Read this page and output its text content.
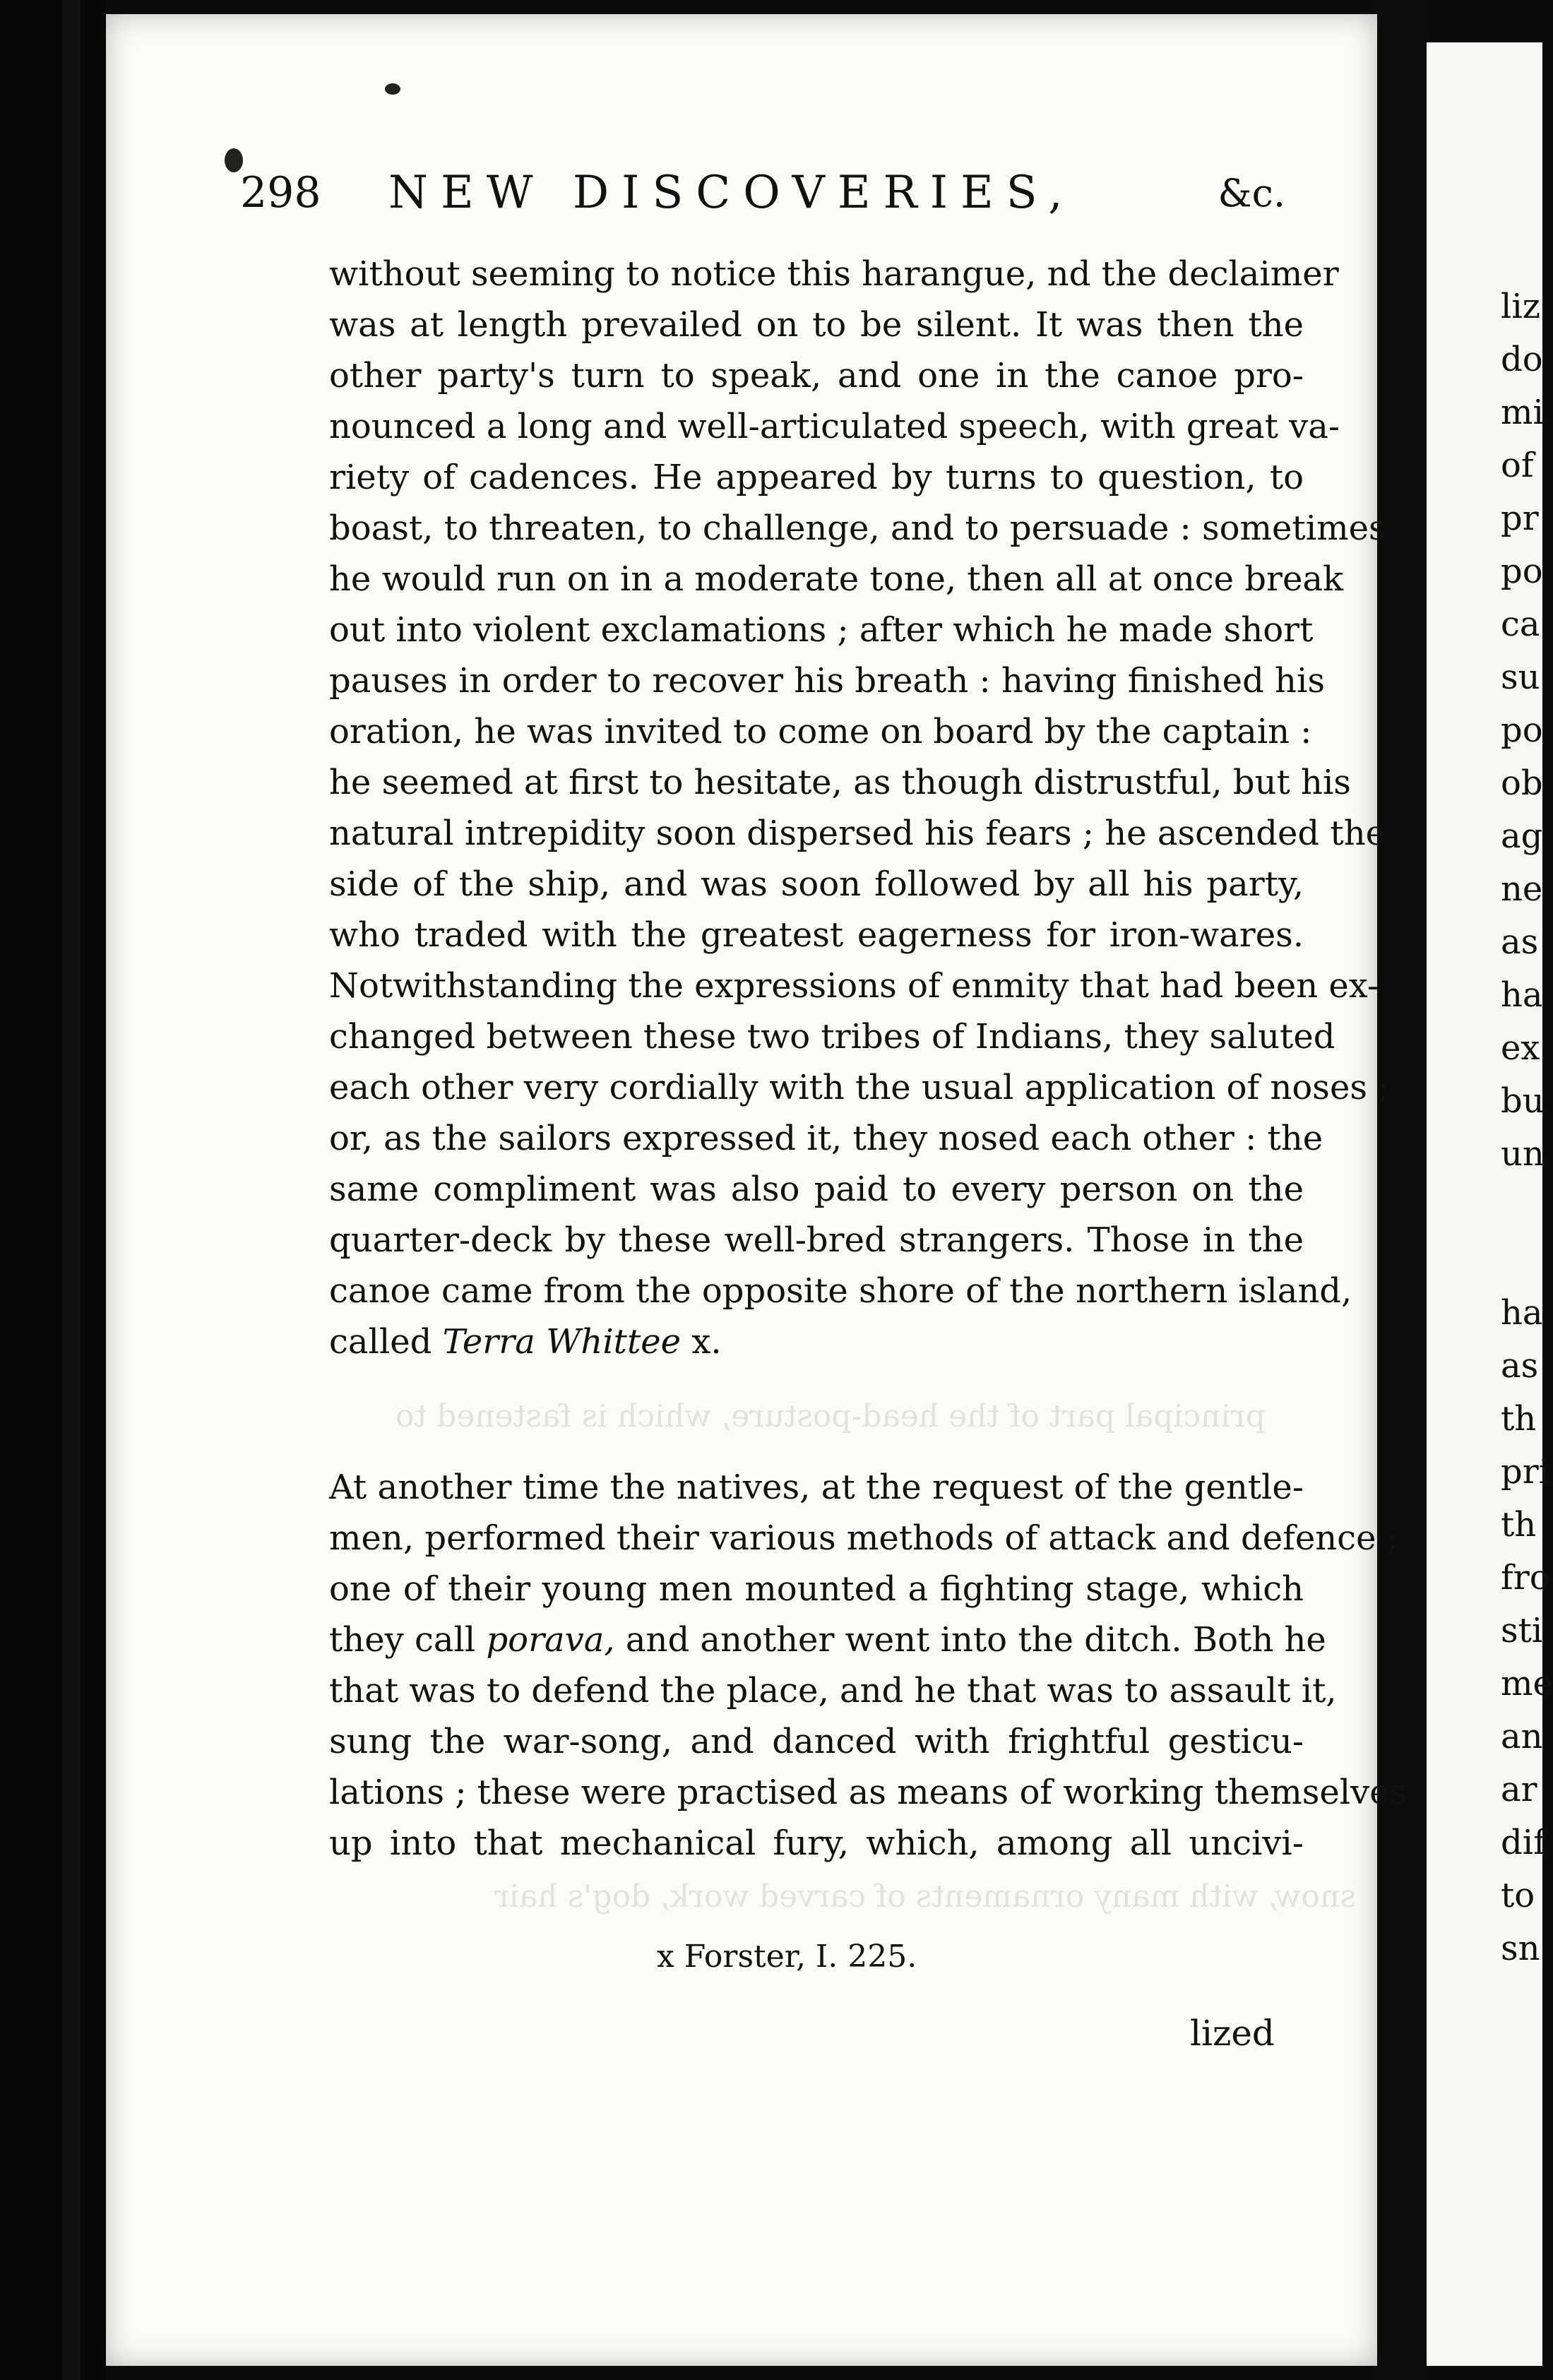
liz
do
mi
of
pr
po
ca
su
po
ob
ag
ne
as
ha
ex
bu
un
ha
as
th
pri
th
fro
sti
me
an
ar
dif
to
sn
principal part of the head-posture, which is fastened to
snow, with many ornaments of carved work, dog's hair
298 NEW DISCOVERIES,	&c.
without seeming to notice this harangue, nd the declaimer
was at length prevailed on to be silent. It was then the
other party's turn to speak, and one in the canoe pro-
nounced a long and well-articulated speech, with great va-
riety of cadences. He appeared by turns to question, to
boast, to threaten, to challenge, and to persuade : sometimes
he would run on in a moderate tone, then all at once break
out into violent exclamations ; after which he made short
pauses in order to recover his breath : having finished his
oration, he was invited to come on board by the captain :
he seemed at first to hesitate, as though distrustful, but his
natural intrepidity soon dispersed his fears ; he ascended the
side of the ship, and was soon followed by all his party,
who traded with the greatest eagerness for iron-wares.
Notwithstanding the expressions of enmity that had been ex-
changed between these two tribes of Indians, they saluted
each other very cordially with the usual application of noses ;
or, as the sailors expressed it, they nosed each other : the
same compliment was also paid to every person on the
quarter-deck by these well-bred strangers. Those in the
canoe came from the opposite shore of the northern island,
called Terra Whittee x.
At another time the natives, at the request of the gentle-
men, performed their various methods of attack and defence ;
one of their young men mounted a fighting stage, which
they call porava, and another went into the ditch. Both he
that was to defend the place, and he that was to assault it,
sung the war-song, and danced with frightful gesticu-
lations ; these were practised as means of working themselves
up into that mechanical fury, which, among all uncivi-
x Forster, I. 225.
lized
